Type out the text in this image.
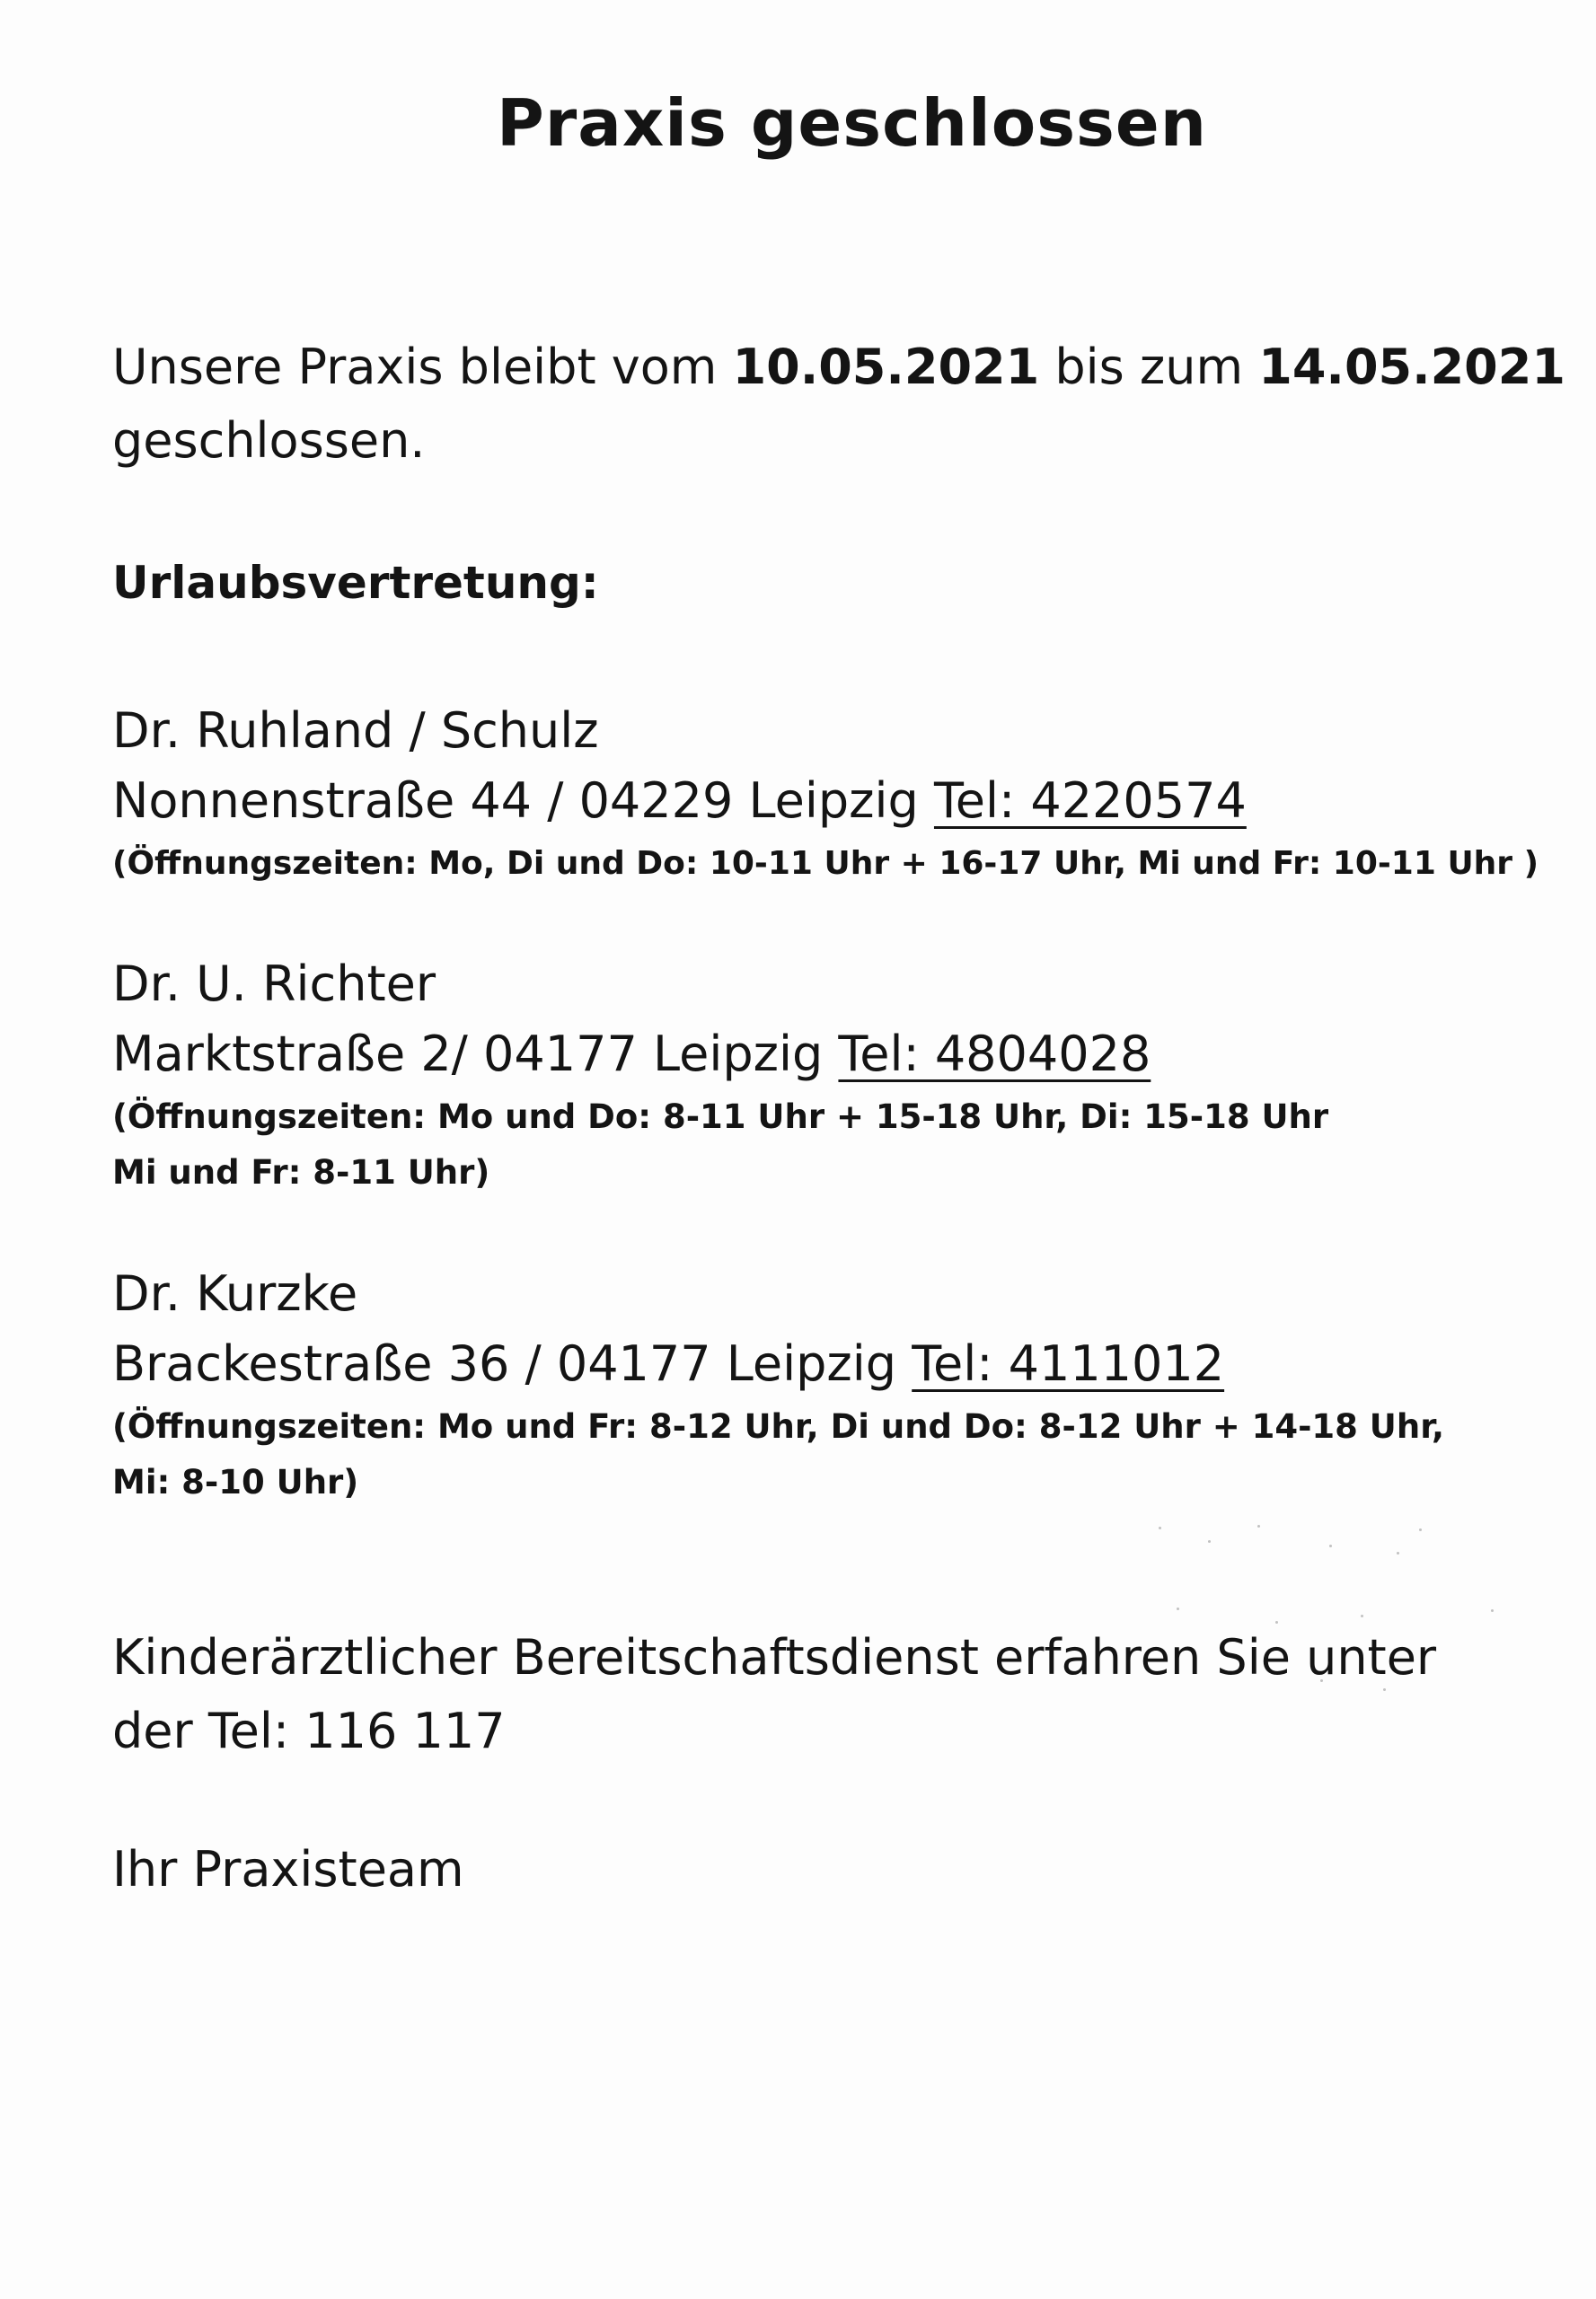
Praxis geschlossen
Unsere Praxis bleibt vom 10.05.2021 bis zum 14.05.2021
geschlossen.
Urlaubsvertretung:
Dr. Ruhland / Schulz
Nonnenstraße 44 / 04229 Leipzig Tel: 4220574
(Öffnungszeiten: Mo, Di und Do: 10-11 Uhr + 16-17 Uhr, Mi und Fr: 10-11 Uhr )
Dr. U. Richter
Marktstraße 2/ 04177 Leipzig Tel: 4804028
(Öffnungszeiten: Mo und Do: 8-11 Uhr + 15-18 Uhr, Di: 15-18 Uhr
Mi und Fr: 8-11 Uhr)
Dr. Kurzke
Brackestraße 36 / 04177 Leipzig Tel: 4111012
(Öffnungszeiten: Mo und Fr: 8-12 Uhr, Di und Do: 8-12 Uhr + 14-18 Uhr,
Mi: 8-10 Uhr)
Kinderärztlicher Bereitschaftsdienst erfahren Sie unter
der Tel: 116 117
Ihr Praxisteam
